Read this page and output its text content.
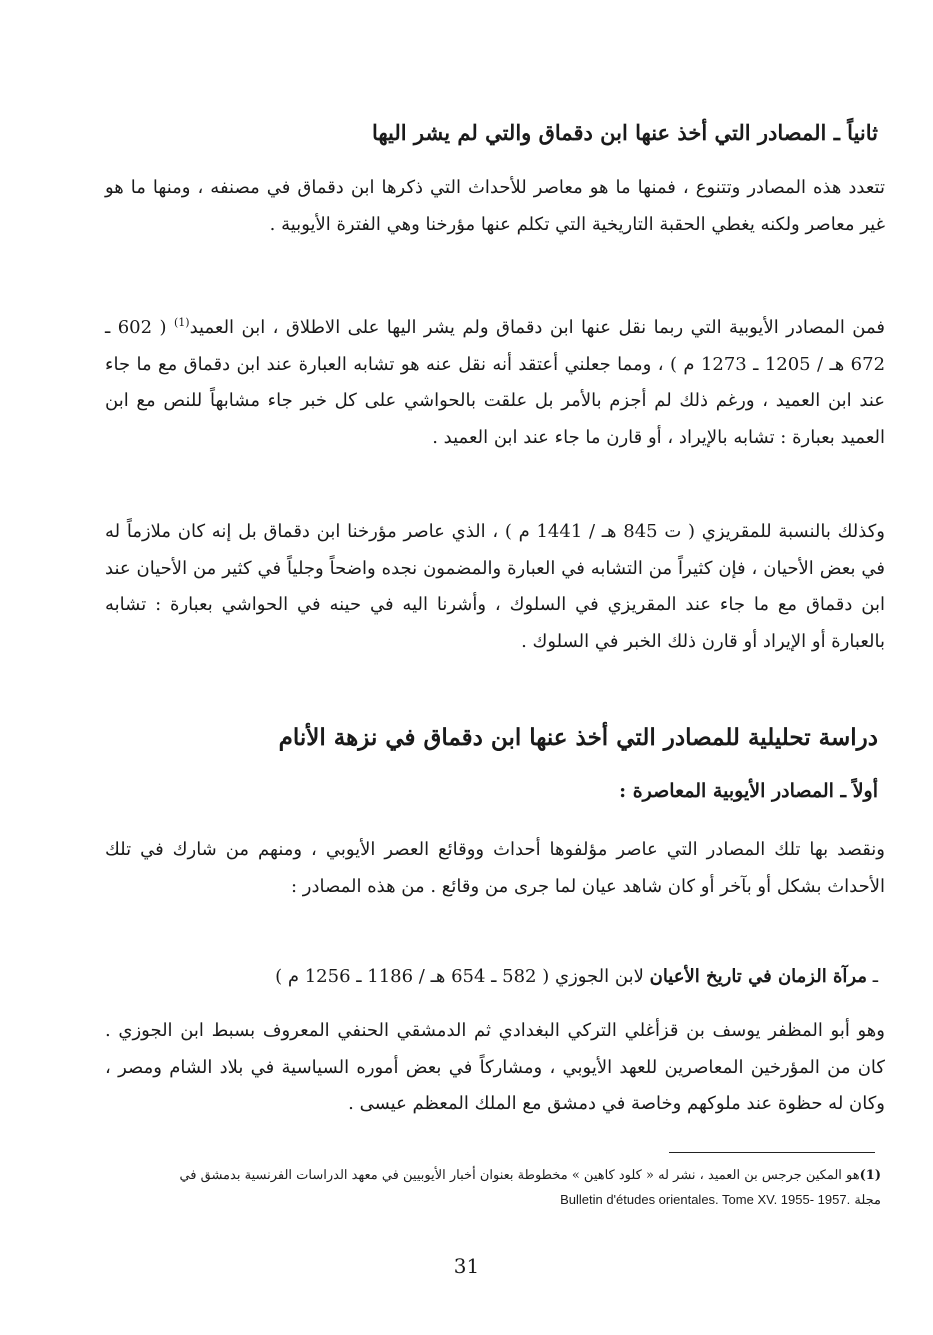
ثانياً ـ المصادر التي أخذ عنها ابن دقماق والتي لم يشر اليها

تتعدد هذه المصادر وتتنوع ، فمنها ما هو معاصر للأحداث التي ذكرها ابن دقماق في مصنفه ، ومنها ما هو غير معاصر ولكنه يغطي الحقبة التاريخية التي تكلم عنها مؤرخنا وهي الفترة الأيوبية .

فمن المصادر الأيوبية التي ربما نقل عنها ابن دقماق ولم يشر اليها على الاطلاق ، ابن العميد$^{(1)}$ ( 602 ـ 672 هـ / 1205 ـ 1273 م ) ، ومما جعلني أعتقد أنه نقل عنه هو تشابه العبارة عند ابن دقماق مع ما جاء عند ابن العميد ، ورغم ذلك لم أجزم بالأمر بل علقت بالحواشي على كل خبر جاء مشابهاً للنص مع ابن العميد بعبارة : تشابه بالإيراد ، أو قارن ما جاء عند ابن العميد .

وكذلك بالنسبة للمقريزي ( ت 845 هـ / 1441 م ) ، الذي عاصر مؤرخنا ابن دقماق بل إنه كان ملازماً له في بعض الأحيان ، فإن كثيراً من التشابه في العبارة والمضمون نجده واضحاً وجلياً في كثير من الأحيان عند ابن دقماق مع ما جاء عند المقريزي في السلوك ، وأشرنا اليه في حينه في الحواشي بعبارة : تشابه بالعبارة أو الإيراد أو قارن ذلك الخبر في السلوك .

دراسة تحليلية للمصادر التي أخذ عنها ابن دقماق في نزهة الأنام
أولاً ـ المصادر الأيوبية المعاصرة :

ونقصد بها تلك المصادر التي عاصر مؤلفوها أحداث ووقائع العصر الأيوبي ، ومنهم من شارك في تلك الأحداث بشكل أو بآخر أو كان شاهد عيان لما جرى من وقائع . من هذه المصادر :

ـ مرآة الزمان في تاريخ الأعيان لابن الجوزي ( 582 ـ 654 هـ / 1186 ـ 1256 م )

وهو أبو المظفر يوسف بن قزأغلي التركي البغدادي ثم الدمشقي الحنفي المعروف بسبط ابن الجوزي . كان من المؤرخين المعاصرين للعهد الأيوبي ، ومشاركاً في بعض أموره السياسية في بلاد الشام ومصر ، وكان له حظوة عند ملوكهم وخاصة في دمشق مع الملك المعظم عيسى .

(1)هو المكين جرجس بن العميد ، نشر له « كلود كاهين » مخطوطة بعنوان أخبار الأيوبيين في معهد الدراسات الفرنسية بدمشق في
مجلة Bulletin d'études orientales. Tome XV. 1955- 1957.
31
